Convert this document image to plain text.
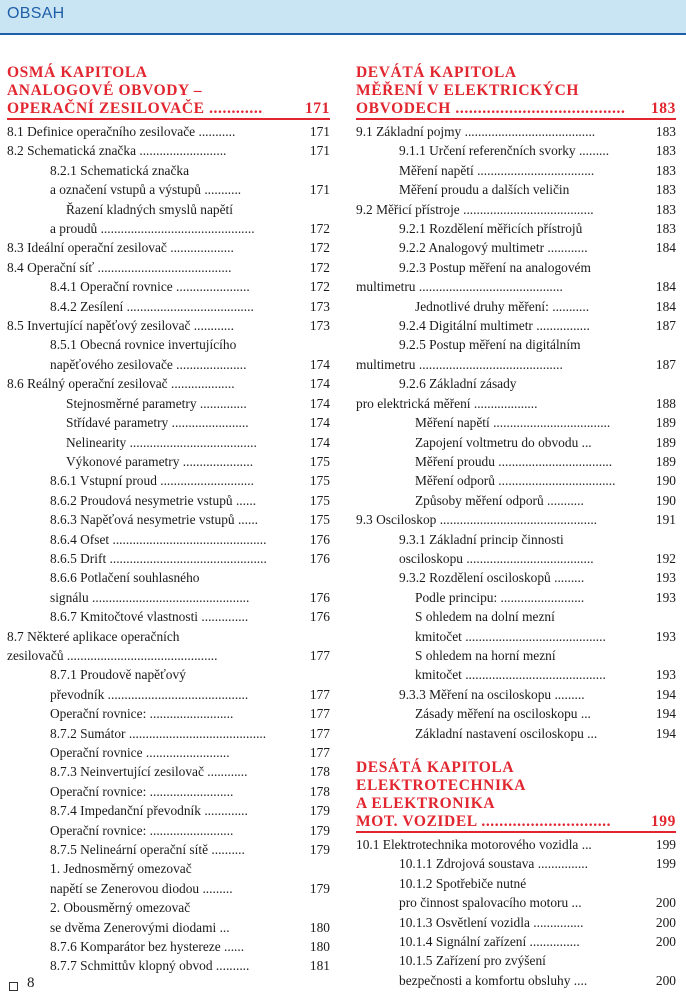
OBSAH
OSMÁ KAPITOLA
ANALOGOVÉ OBVODY –
OPERAČNÍ ZESILOVAČE ............	171
8.1 Definice operačního zesilovače ...........	171
8.2 Schematická značka ..........................	171
8.2.1 Schematická značka
a označení vstupů a výstupů ...........	171
Řazení kladných smyslů napětí
a proudů ..............................................	172
8.3 Ideální operační zesilovač ...................	172
8.4 Operační síť ........................................	172
8.4.1 Operační rovnice ......................	172
8.4.2 Zesílení ......................................	173
8.5 Invertující napěťový zesilovač ............	173
8.5.1 Obecná rovnice invertujícího
napěťového zesilovače .....................	174
8.6 Reálný operační zesilovač ...................	174
Stejnosměrné parametry ..............	174
Střídavé parametry .......................	174
Nelinearity ......................................	174
Výkonové parametry .....................	175
8.6.1 Vstupní proud ............................	175
8.6.2 Proudová nesymetrie vstupů ......	175
8.6.3 Napěťová nesymetrie vstupů ......	175
8.6.4 Ofset ..............................................	176
8.6.5 Drift ...............................................	176
8.6.6 Potlačení souhlasného
signálu ...............................................	176
8.6.7 Kmitočtové vlastnosti ..............	176
8.7 Některé aplikace operačních
zesilovačů .............................................	177
8.7.1 Proudově napěťový
převodník ..........................................	177
Operační rovnice: .........................	177
8.7.2 Sumátor .........................................	177
Operační rovnice .........................	177
8.7.3 Neinvertující zesilovač ............	178
Operační rovnice: .........................	178
8.7.4 Impedanční převodník .............	179
Operační rovnice: .........................	179
8.7.5 Nelineární operační sítě ..........	179
1. Jednosměrný omezovač
napětí se Zenerovou diodou .........	179
2. Obousměrný omezovač
se dvěma Zenerovými diodami ...	180
8.7.6 Komparátor bez hystereze ......	180
8.7.7 Schmittův klopný obvod ..........	181
DEVÁTÁ KAPITOLA
MĚŘENÍ V ELEKTRICKÝCH
OBVODECH ...................................... 183
9.1 Základní pojmy .......................................	183
9.1.1 Určení referenčních svorky .........	183
Měření napětí ...................................	183
Měření proudu a dalších veličin	183
9.2 Měřicí přístroje .......................................	183
9.2.1 Rozdělení měřicích přístrojů	183
9.2.2 Analogový multimetr ............	184
9.2.3 Postup měření na analogovém
multimetru ...........................................	184
Jednotlivé druhy měření: ...........	184
9.2.4 Digitální multimetr ................	187
9.2.5 Postup měření na digitálním
multimetru ...........................................	187
9.2.6 Základní zásady
pro elektrická měření ...................	188
Měření napětí ...................................	189
Zapojení voltmetru do obvodu ...	189
Měření proudu ..................................	189
Měření odporů ...................................	190
Způsoby měření odporů ...........	190
9.3 Osciloskop ...............................................	191
9.3.1 Základní princip činnosti
osciloskopu ......................................	192
9.3.2 Rozdělení osciloskopů .........	193
Podle principu: .........................	193
S ohledem na dolní mezní
kmitočet ..........................................	193
S ohledem na horní mezní
kmitočet ..........................................	193
9.3.3 Měření na osciloskopu .........	194
Zásady měření na osciloskopu ...	194
Základní nastavení osciloskopu ...	194
DESÁTÁ KAPITOLA
ELEKTROTECHNIKA
A ELEKTRONIKA
MOT. VOZIDEL .............................	199
10.1 Elektrotechnika motorového vozidla ...	199
10.1.1 Zdrojová soustava ...............	199
10.1.2 Spotřebiče nutné
pro činnost spalovacího motoru ...	200
10.1.3 Osvětlení vozidla ...............	200
10.1.4 Signální zařízení ...............	200
10.1.5 Zařízení pro zvýšení
bezpečnosti a komfortu obsluhy ....	200
8
